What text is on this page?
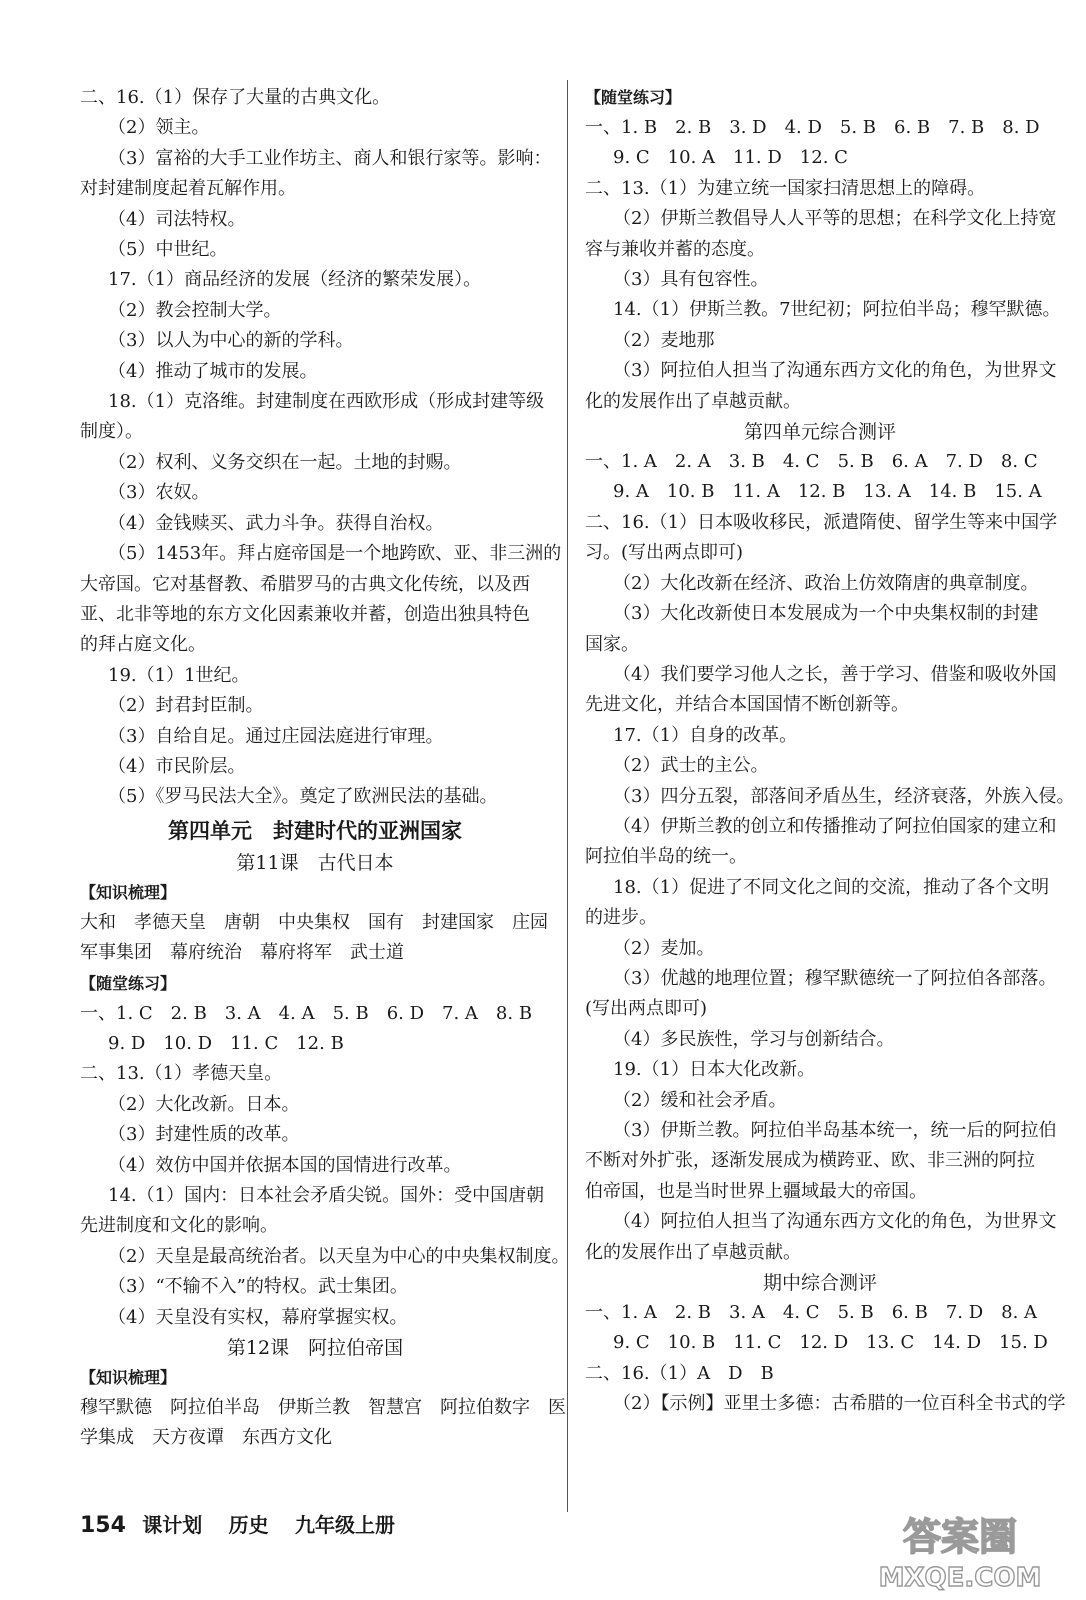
二、16.（1）保存了大量的古典文化。
（2）领主。
（3）富裕的大手工业作坊主、商人和银行家等。影响：
对封建制度起着瓦解作用。
（4）司法特权。
（5）中世纪。
17.（1）商品经济的发展（经济的繁荣发展）。
（2）教会控制大学。
（3）以人为中心的新的学科。
（4）推动了城市的发展。
18.（1）克洛维。封建制度在西欧形成（形成封建等级
制度）。
（2）权利、义务交织在一起。土地的封赐。
（3）农奴。
（4）金钱赎买、武力斗争。获得自治权。
（5）1453年。拜占庭帝国是一个地跨欧、亚、非三洲的
大帝国。它对基督教、希腊罗马的古典文化传统，以及西
亚、北非等地的东方文化因素兼收并蓄，创造出独具特色
的拜占庭文化。
19.（1）1世纪。
（2）封君封臣制。
（3）自给自足。通过庄园法庭进行审理。
（4）市民阶层。
（5）《罗马民法大全》。奠定了欧洲民法的基础。
第四单元　封建时代的亚洲国家
第11课　古代日本
【知识梳理】
大和　孝德天皇　唐朝　中央集权　国有　封建国家　庄园
军事集团　幕府统治　幕府将军　武士道
【随堂练习】
一、1. C　2. B　3. A　4. A　5. B　6. D　7. A　8. B
9. D　10. D　11. C　12. B
二、13.（1）孝德天皇。
（2）大化改新。日本。
（3）封建性质的改革。
（4）效仿中国并依据本国的国情进行改革。
14.（1）国内：日本社会矛盾尖锐。国外：受中国唐朝
先进制度和文化的影响。
（2）天皇是最高统治者。以天皇为中心的中央集权制度。
（3）“不输不入”的特权。武士集团。
（4）天皇没有实权，幕府掌握实权。
第12课　阿拉伯帝国
【知识梳理】
穆罕默德　阿拉伯半岛　伊斯兰教　智慧宫　阿拉伯数字　医
学集成　天方夜谭　东西方文化
【随堂练习】
一、1. B　2. B　3. D　4. D　5. B　6. B　7. B　8. D
9. C　10. A　11. D　12. C
二、13.（1）为建立统一国家扫清思想上的障碍。
（2）伊斯兰教倡导人人平等的思想；在科学文化上持宽
容与兼收并蓄的态度。
（3）具有包容性。
14.（1）伊斯兰教。7世纪初；阿拉伯半岛；穆罕默德。
（2）麦地那
（3）阿拉伯人担当了沟通东西方文化的角色，为世界文
化的发展作出了卓越贡献。
第四单元综合测评
一、1. A　2. A　3. B　4. C　5. B　6. A　7. D　8. C
9. A　10. B　11. A　12. B　13. A　14. B　15. A
二、16.（1）日本吸收移民，派遣隋使、留学生等来中国学
习。(写出两点即可)
（2）大化改新在经济、政治上仿效隋唐的典章制度。
（3）大化改新使日本发展成为一个中央集权制的封建
国家。
（4）我们要学习他人之长，善于学习、借鉴和吸收外国
先进文化，并结合本国国情不断创新等。
17.（1）自身的改革。
（2）武士的主公。
（3）四分五裂，部落间矛盾丛生，经济衰落，外族入侵。
（4）伊斯兰教的创立和传播推动了阿拉伯国家的建立和
阿拉伯半岛的统一。
18.（1）促进了不同文化之间的交流，推动了各个文明
的进步。
（2）麦加。
（3）优越的地理位置；穆罕默德统一了阿拉伯各部落。
(写出两点即可)
（4）多民族性，学习与创新结合。
19.（1）日本大化改新。
（2）缓和社会矛盾。
（3）伊斯兰教。阿拉伯半岛基本统一，统一后的阿拉伯
不断对外扩张，逐渐发展成为横跨亚、欧、非三洲的阿拉
伯帝国，也是当时世界上疆域最大的帝国。
（4）阿拉伯人担当了沟通东西方文化的角色，为世界文
化的发展作出了卓越贡献。
期中综合测评
一、1. A　2. B　3. A　4. C　5. B　6. B　7. D　8. A
9. C　10. B　11. C　12. D　13. C　14. D　15. D
二、16.（1）A　D　B
（2）【示例】亚里士多德：古希腊的一位百科全书式的学
154 课计划 历史 九年级上册	答案圈
MXQE.COM
